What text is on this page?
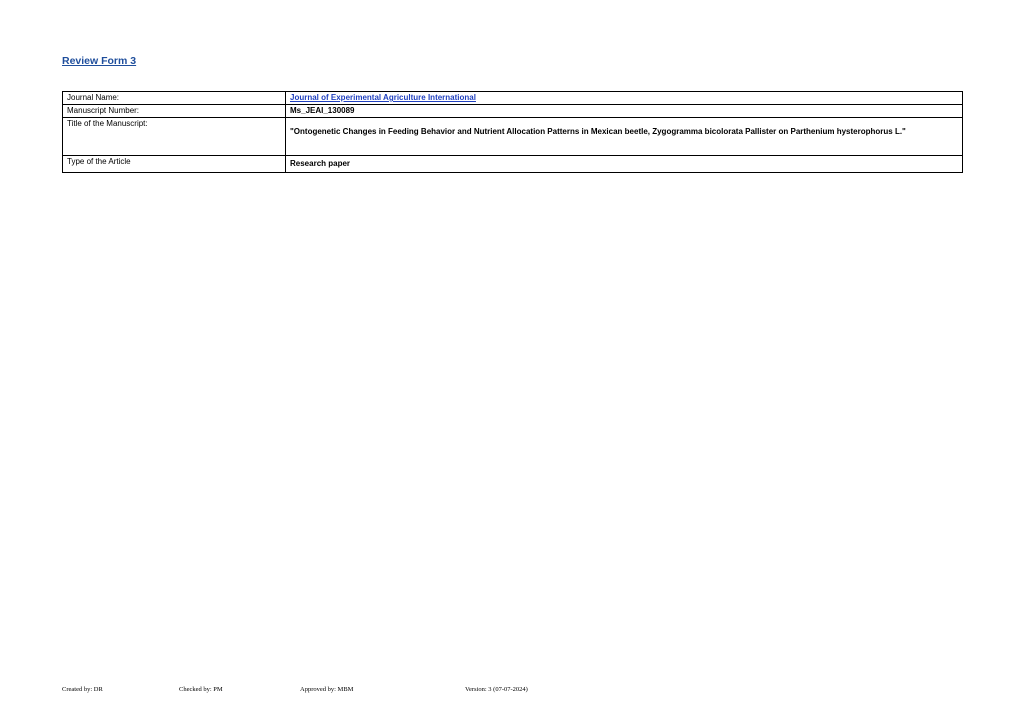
Review Form 3
Journal Name:	Journal of Experimental Agriculture International
Manuscript Number:	Ms_JEAI_130089
Title of the Manuscript:	"Ontogenetic Changes in Feeding Behavior and Nutrient Allocation Patterns in Mexican beetle, Zygogramma bicolorata Pallister on Parthenium hysterophorus L."
Type of the Article	Research paper
Created by: DR	Checked by: PM	Approved by: MBM	Version: 3 (07-07-2024)
